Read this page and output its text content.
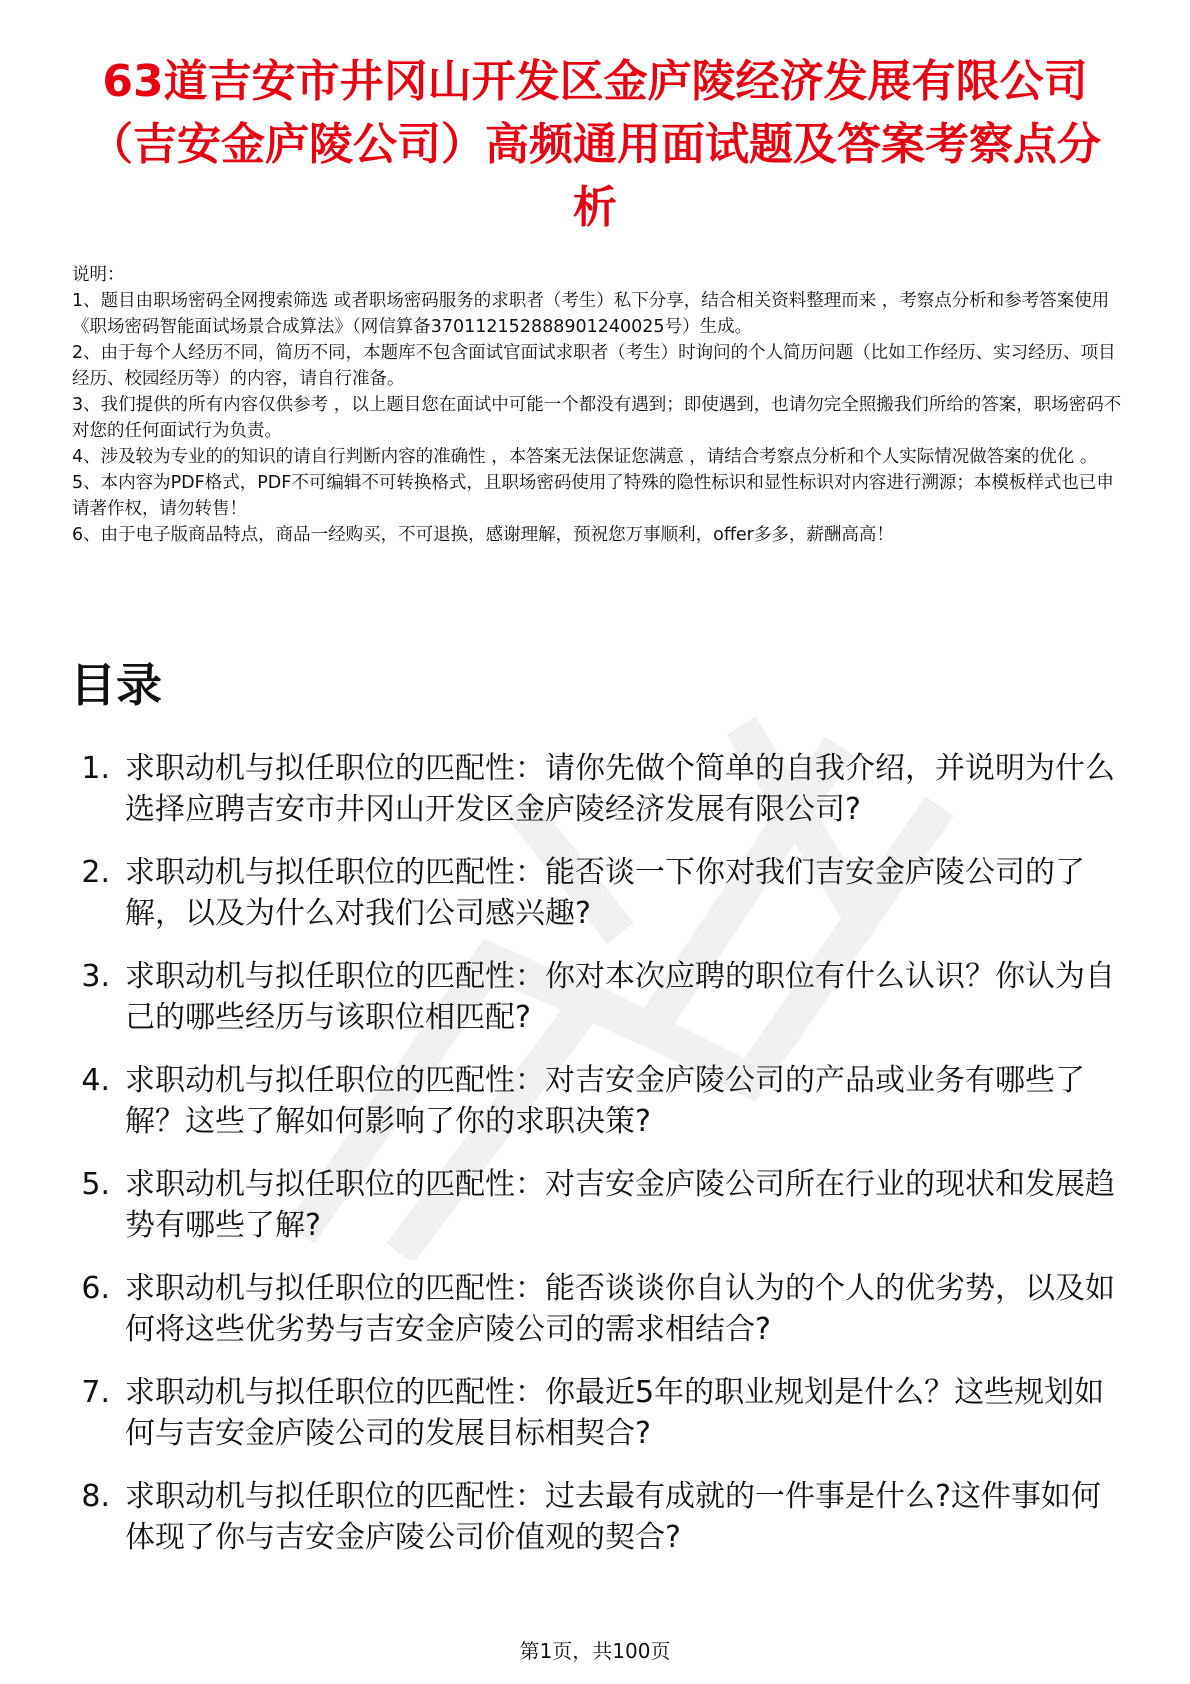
63道吉安市井冈山开发区金庐陵经济发展有限公司（吉安金庐陵公司）高频通用面试题及答案考察点分析

说明：

1、题目由职场密码全网搜索筛选 或者职场密码服务的求职者（考生）私下分享，结合相关资料整理而来 ，考察点分析和参考答案使用《职场密码智能面试场景合成算法》（网信算备370112152888901240025号）生成。

2、由于每个人经历不同，简历不同，本题库不包含面试官面试求职者（考生）时询问的个人简历问题（比如工作经历、实习经历、项目经历、校园经历等）的内容，请自行准备。

3、我们提供的所有内容仅供参考 ，以上题目您在面试中可能一个都没有遇到；即使遇到，也请勿完全照搬我们所给的答案，职场密码不对您的任何面试行为负责。

4、涉及较为专业的的知识的请自行判断内容的准确性 ，本答案无法保证您满意 ，请结合考察点分析和个人实际情况做答案的优化 。

5、本内容为PDF格式，PDF不可编辑不可转换格式，且职场密码使用了特殊的隐性标识和显性标识对内容进行溯源；本模板样式也已申请著作权，请勿转售！

6、由于电子版商品特点，商品一经购买，不可退换，感谢理解，预祝您万事顺利，offer多多，薪酬高高！

目录
1. 求职动机与拟任职位的匹配性：请你先做个简单的自我介绍，并说明为什么选择应聘吉安市井冈山开发区金庐陵经济发展有限公司?
2. 求职动机与拟任职位的匹配性：能否谈一下你对我们吉安金庐陵公司的了解，以及为什么对我们公司感兴趣?
3. 求职动机与拟任职位的匹配性：你对本次应聘的职位有什么认识？你认为自己的哪些经历与该职位相匹配?
4. 求职动机与拟任职位的匹配性：对吉安金庐陵公司的产品或业务有哪些了解？这些了解如何影响了你的求职决策?
5. 求职动机与拟任职位的匹配性：对吉安金庐陵公司所在行业的现状和发展趋势有哪些了解?
6. 求职动机与拟任职位的匹配性：能否谈谈你自认为的个人的优劣势，以及如何将这些优劣势与吉安金庐陵公司的需求相结合?
7. 求职动机与拟任职位的匹配性：你最近5年的职业规划是什么？这些规划如何与吉安金庐陵公司的发展目标相契合?
8. 求职动机与拟任职位的匹配性：过去最有成就的一件事是什么?这件事如何体现了你与吉安金庐陵公司价值观的契合?
第1页，共100页
